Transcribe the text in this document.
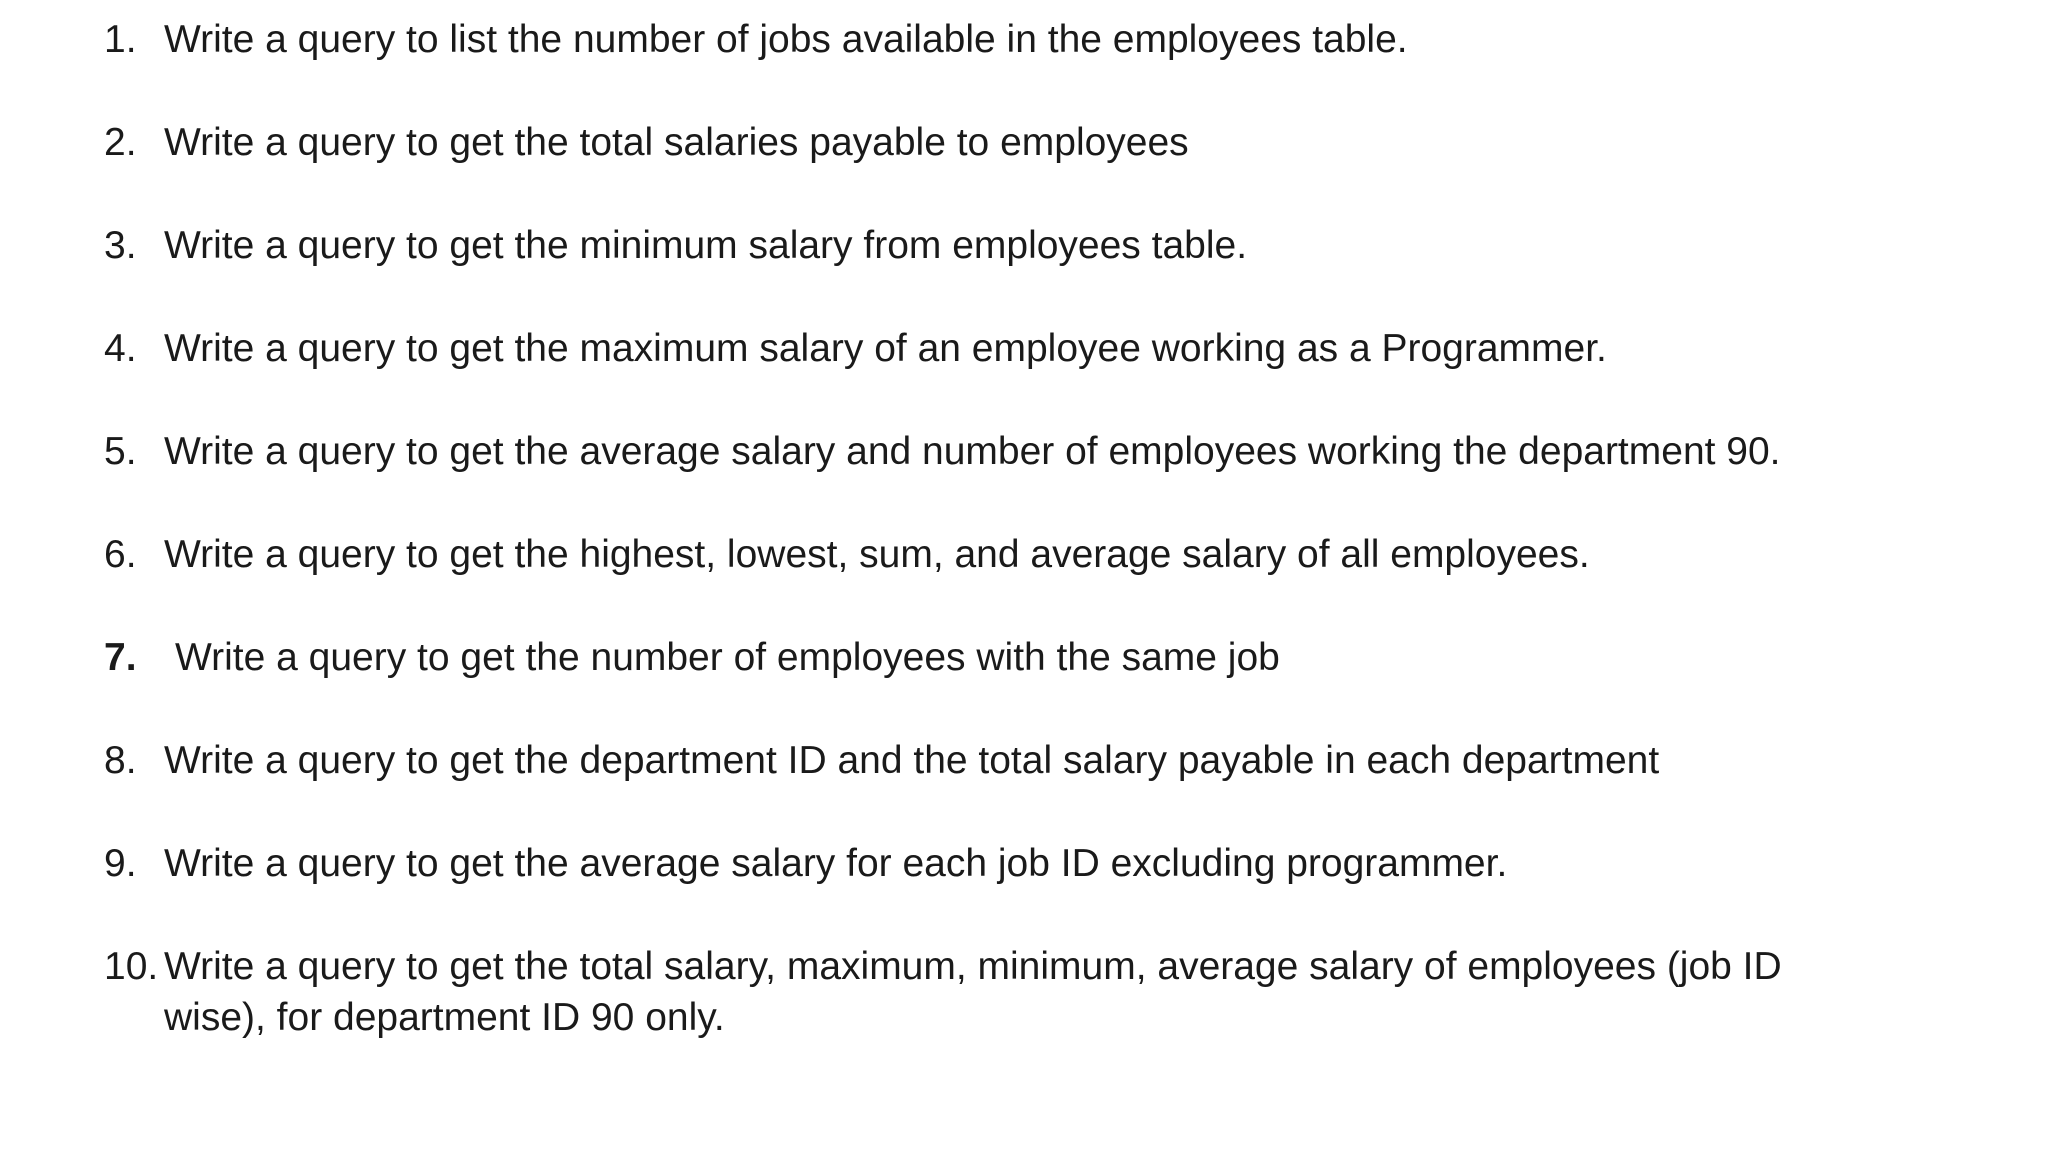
1. Write a query to list the number of jobs available in the employees table.
2. Write a query to get the total salaries payable to employees
3. Write a query to get the minimum salary from employees table.
4. Write a query to get the maximum salary of an employee working as a Programmer.
5. Write a query to get the average salary and number of employees working the department 90.
6. Write a query to get the highest, lowest, sum, and average salary of all employees.
7. Write a query to get the number of employees with the same job
8. Write a query to get the department ID and the total salary payable in each department
9. Write a query to get the average salary for each job ID excluding programmer.
10. Write a query to get the total salary, maximum, minimum, average salary of employees (job ID wise), for department ID 90 only.
